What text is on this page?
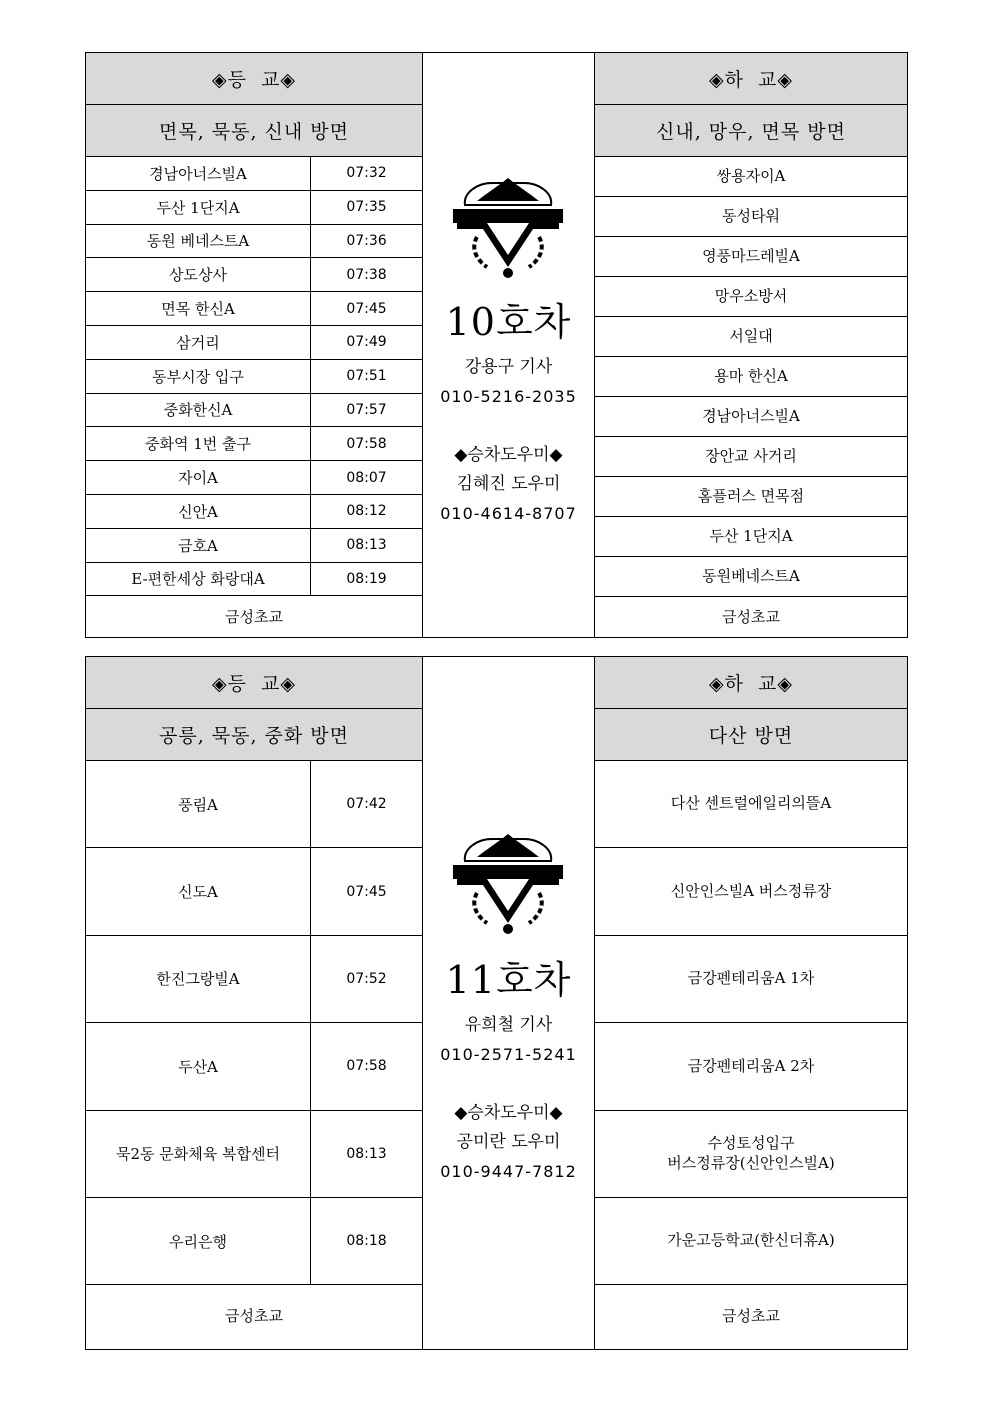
◈등  교◈
면목, 묵동, 신내 방면
경남아너스빌A	07:32
두산 1단지A	07:35
동원 베네스트A	07:36
상도상사	07:38
면목 한신A	07:45
삼거리	07:49
동부시장 입구	07:51
중화한신A	07:57
중화역 1번 출구	07:58
자이A	08:07
신안A	08:12
금호A	08:13
E-편한세상 화랑대A	08:19
금성초교
10호차
강용구 기사
010-5216-2035
◆승차도우미◆
김혜진 도우미
010-4614-8707
◈하  교◈
신내, 망우, 면목 방면
쌍용자이A
동성타워
영풍마드레빌A
망우소방서
서일대
용마 한신A
경남아너스빌A
장안교 사거리
홈플러스 면목점
두산 1단지A
동원베네스트A
금성초교
◈등  교◈
공릉, 묵동, 중화 방면
풍림A	07:42
신도A	07:45
한진그랑빌A	07:52
두산A	07:58
묵2동 문화체육 복합센터	08:13
우리은행	08:18
금성초교
11호차
유희철 기사
010-2571-5241
◆승차도우미◆
공미란 도우미
010-9447-7812
◈하  교◈
다산 방면
다산 센트럴에일리의뜰A
신안인스빌A 버스정류장
금강펜테리움A 1차
금강펜테리움A 2차
수성토성입구
버스정류장(신안인스빌A)
가운고등학교(한신더휴A)
금성초교
